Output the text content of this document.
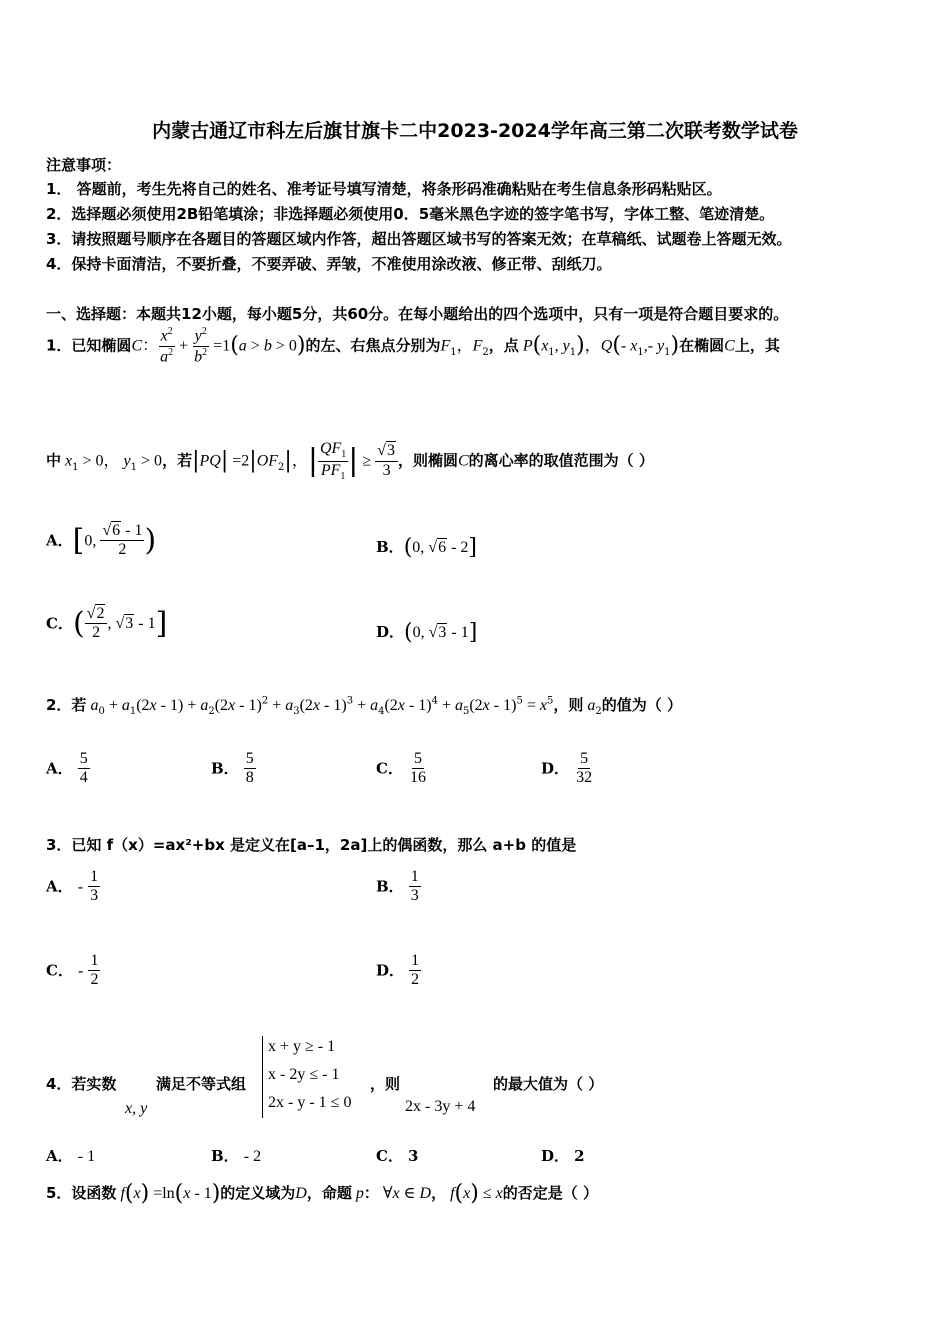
内蒙古通辽市科左后旗甘旗卡二中2023-2024学年高三第二次联考数学试卷
注意事项：
1． 答题前，考生先将自己的姓名、准考证号填写清楚，将条形码准确粘贴在考生信息条形码粘贴区。
2．选择题必须使用2B铅笔填涂；非选择题必须使用0．5毫米黑色字迹的签字笔书写，字体工整、笔迹清楚。
3．请按照题号顺序在各题目的答题区域内作答，超出答题区域书写的答案无效；在草稿纸、试题卷上答题无效。
4．保持卡面清洁，不要折叠，不要弄破、弄皱，不准使用涂改液、修正带、刮纸刀。
一、选择题：本题共12小题，每小题5分，共60分。在每小题给出的四个选项中，只有一项是符合题目要求的。
1．已知椭圆C： $\frac{x^2}{a^2} + \frac{y^2}{b^2} =1(a > b > 0)$的左、右焦点分别为$F_1$，$F_2$，点 $P(x_1$, $y_1$)，Q(- $x_1,-$ $y_1$)在椭圆C上，其
中 $x_1 > 0$， $y_1 > 0$，若$|PQ| =2|OF_2|$，| $\frac{QF_1}{PF_1}$ | ≥ $\frac{√3}{3}$ ，则椭圆C的离心率的取值范围为（ ）
A．[0, $\frac{√6 - 1}{2}$ )	B．(0, √6 - 2]
C．( $\frac{√2}{2}$ , √3 - 1]	D．(0, √3 - 1]
2．若 $a_0 + a_1(2x - 1) + a_2(2x - 1)^2 + a_3(2x - 1)^3 + a_4(2x - 1)^4 + a_5(2x - 1)^5 = x^5$，则 $a_2$的值为（ ）
A． $\frac{5}{4}$	B． $\frac{5}{8}$	C． $\frac{5}{16}$	D． $\frac{5}{32}$
3．已知 f（x）=ax²+bx 是定义在[a–1，2a]上的偶函数，那么 a+b 的值是
A． - $\frac{1}{3}$	B． $\frac{1}{3}$
C． - $\frac{1}{2}$	D． $\frac{1}{2}$
4．若实数
x, y
满足不等式组
x + y ≥ - 1
x - 2y ≤ - 1
2x - y - 1 ≤ 0
，则
2x - 3y + 4
的最大值为（ ）
A． - 1	B． - 2	C． 3	D． 2
5．设函数 f(x) =ln(x - 1)的定义域为D，命题 p： ∀x ∈ D， f(x) ≤ x的否定是（ ）
